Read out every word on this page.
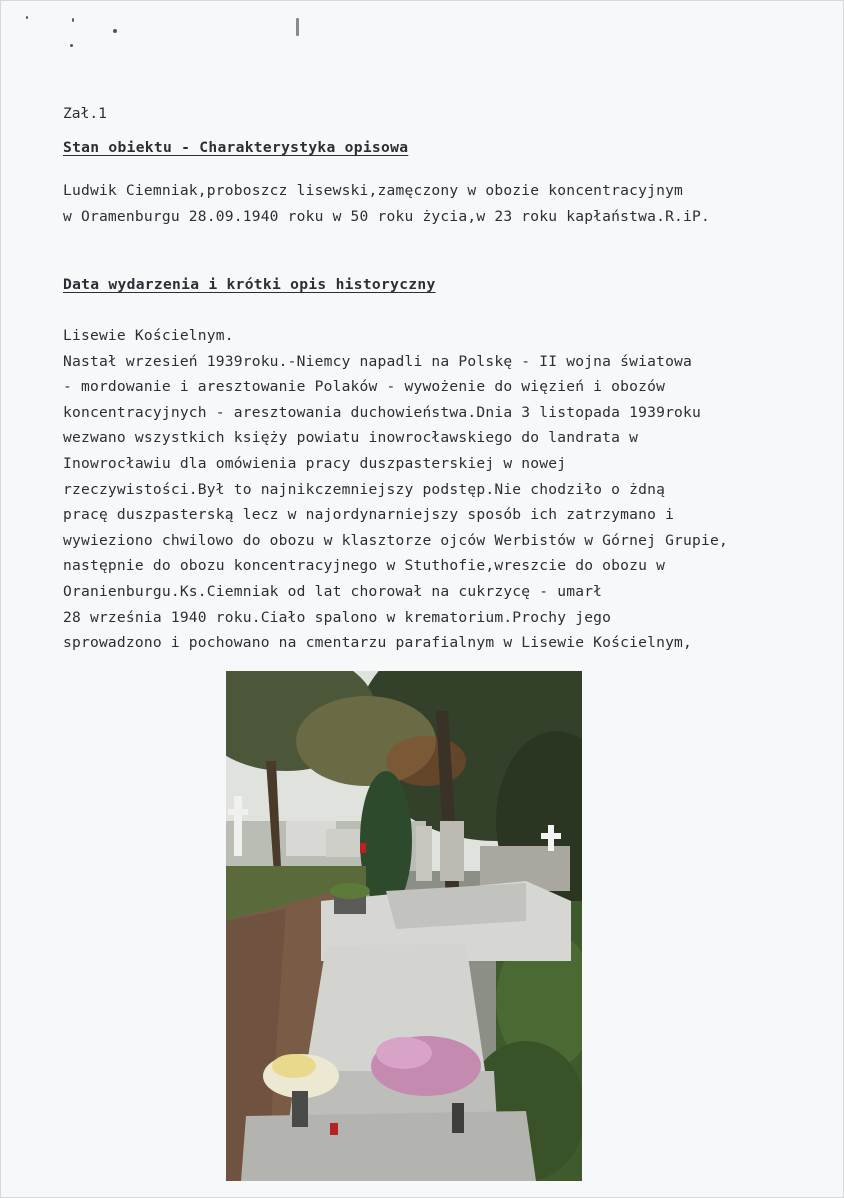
Zał.1
Stan obiektu - Charakterystyka opisowa
Ludwik Ciemniak,proboszcz lisewski,zamęczony w obozie koncentracyjnym
w Oramenburgu 28.09.1940 roku w 50 roku życia,w 23 roku kapłaństwa.R.iP.
Data wydarzenia i krótki opis historyczny
Lisewie Kościelnym.
Nastał wrzesień 1939roku.-Niemcy napadli na Polskę - II wojna światowa
- mordowanie i aresztowanie Polaków - wywożenie do więzień i obozów
koncentracyjnych - aresztowania duchowieństwa.Dnia 3 listopada 1939roku
wezwano wszystkich księży powiatu inowrocławskiego do landrata w
Inowrocławiu dla omówienia pracy duszpasterskiej w nowej
rzeczywistości.Był to najnikczemniejszy podstęp.Nie chodziło o żdną
pracę duszpasterską lecz w najordynarniejszy sposób ich zatrzymano i
wywieziono chwilowo do obozu w klasztorze ojców Werbistów w Górnej Grupie,
następnie do obozu koncentracyjnego w Stuthofie,wreszcie do obozu w
Oranienburgu.Ks.Ciemniak od lat chorował na cukrzycę - umarł
28 września 1940 roku.Ciało spalono w krematorium.Prochy jego
sprowadzono i pochowano na cmentarzu parafialnym w Lisewie Kościelnym,
